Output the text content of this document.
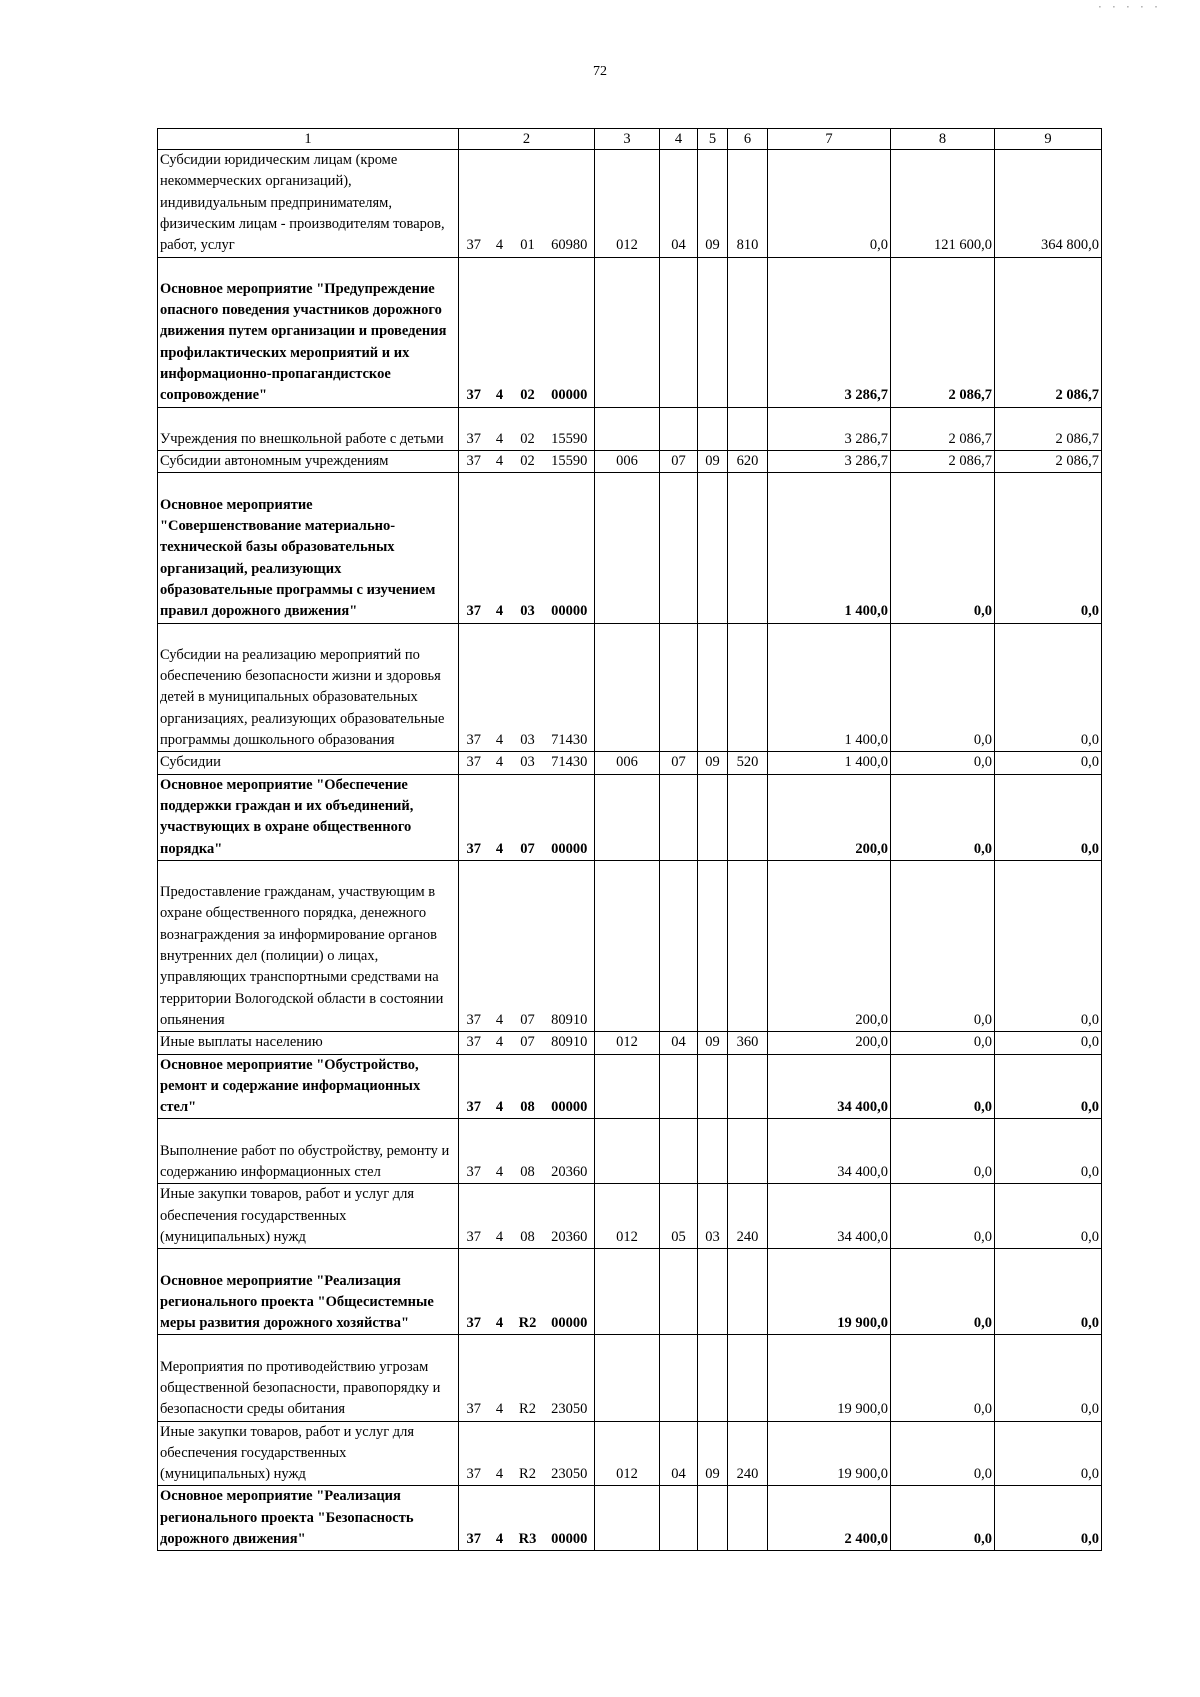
72
1	2				3	4	5	6	7	8	9
Субсидии юридическим лицам (кроме некоммерческих организаций), индивидуальным предпринимателям, физическим лицам - производителям товаров, работ, услуг	37	4	01	60980	012	04	09	810	0,0	121 600,0	364 800,0
Основное мероприятие "Предупреждение опасного поведения участников дорожного движения путем организации и проведения профилактических мероприятий и их информационно-пропагандистское сопровождение"	37	4	02	00000					3 286,7	2 086,7	2 086,7
Учреждения по внешкольной работе с детьми	37	4	02	15590					3 286,7	2 086,7	2 086,7
Субсидии автономным учреждениям	37	4	02	15590	006	07	09	620	3 286,7	2 086,7	2 086,7
Основное мероприятие "Совершенствование материально-технической базы образовательных организаций, реализующих образовательные программы с изучением правил дорожного движения"	37	4	03	00000					1 400,0	0,0	0,0
Субсидии на реализацию мероприятий по обеспечению безопасности жизни и здоровья детей в муниципальных образовательных организациях, реализующих образовательные программы дошкольного образования	37	4	03	71430					1 400,0	0,0	0,0
Субсидии	37	4	03	71430	006	07	09	520	1 400,0	0,0	0,0
Основное мероприятие "Обеспечение поддержки граждан и их объединений, участвующих в охране общественного порядка"	37	4	07	00000					200,0	0,0	0,0
Предоставление гражданам, участвующим в охране общественного порядка, денежного вознаграждения за информирование органов внутренних дел (полиции) о лицах, управляющих транспортными средствами на территории Вологодской области в состоянии опьянения	37	4	07	80910					200,0	0,0	0,0
Иные выплаты населению	37	4	07	80910	012	04	09	360	200,0	0,0	0,0
Основное мероприятие "Обустройство, ремонт и содержание информационных стел"	37	4	08	00000					34 400,0	0,0	0,0
Выполнение работ по обустройству, ремонту и содержанию информационных стел	37	4	08	20360					34 400,0	0,0	0,0
Иные закупки товаров, работ и услуг для обеспечения государственных (муниципальных) нужд	37	4	08	20360	012	05	03	240	34 400,0	0,0	0,0
Основное мероприятие "Реализация регионального проекта "Общесистемные меры развития дорожного хозяйства"	37	4	R2	00000					19 900,0	0,0	0,0
Мероприятия по противодействию угрозам общественной безопасности, правопорядку и безопасности среды обитания	37	4	R2	23050					19 900,0	0,0	0,0
Иные закупки товаров, работ и услуг для обеспечения государственных (муниципальных) нужд	37	4	R2	23050	012	04	09	240	19 900,0	0,0	0,0
Основное мероприятие "Реализация регионального проекта "Безопасность дорожного движения"	37	4	R3	00000					2 400,0	0,0	0,0
· · · · ·
